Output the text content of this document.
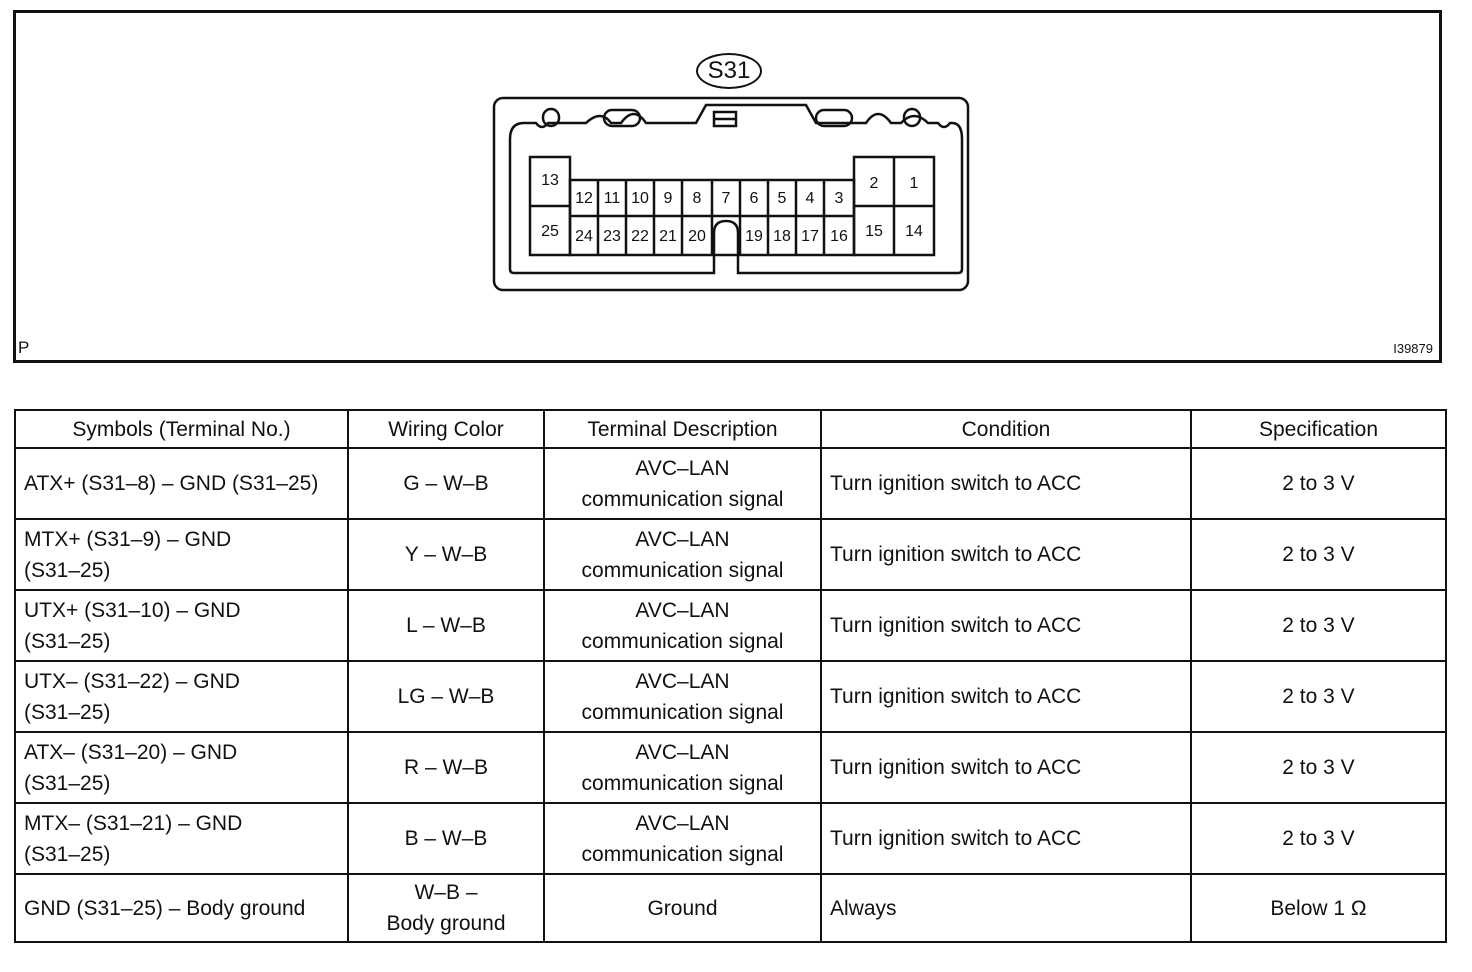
S31
13
12 11 10 9 8 7 6 5 4 3
2 1
25 24 23 22 21 20 19 18 17 16 15 14
P	I39879
Symbols (Terminal No.)	Wiring Color	Terminal Description	Condition	Specification
ATX+ (S31–8) – GND (S31–25)	G – W–B	AVC–LAN
communication signal	Turn ignition switch to ACC	2 to 3 V
MTX+ (S31–9) – GND
(S31–25)	Y – W–B	AVC–LAN
communication signal	Turn ignition switch to ACC	2 to 3 V
UTX+ (S31–10) – GND
(S31–25)	L – W–B	AVC–LAN
communication signal	Turn ignition switch to ACC	2 to 3 V
UTX– (S31–22) – GND
(S31–25)	LG – W–B	AVC–LAN
communication signal	Turn ignition switch to ACC	2 to 3 V
ATX– (S31–20) – GND
(S31–25)	R – W–B	AVC–LAN
communication signal	Turn ignition switch to ACC	2 to 3 V
MTX– (S31–21) – GND
(S31–25)	B – W–B	AVC–LAN
communication signal	Turn ignition switch to ACC	2 to 3 V
GND (S31–25) – Body ground	W–B –
Body ground	Ground	Always	Below 1 Ω
